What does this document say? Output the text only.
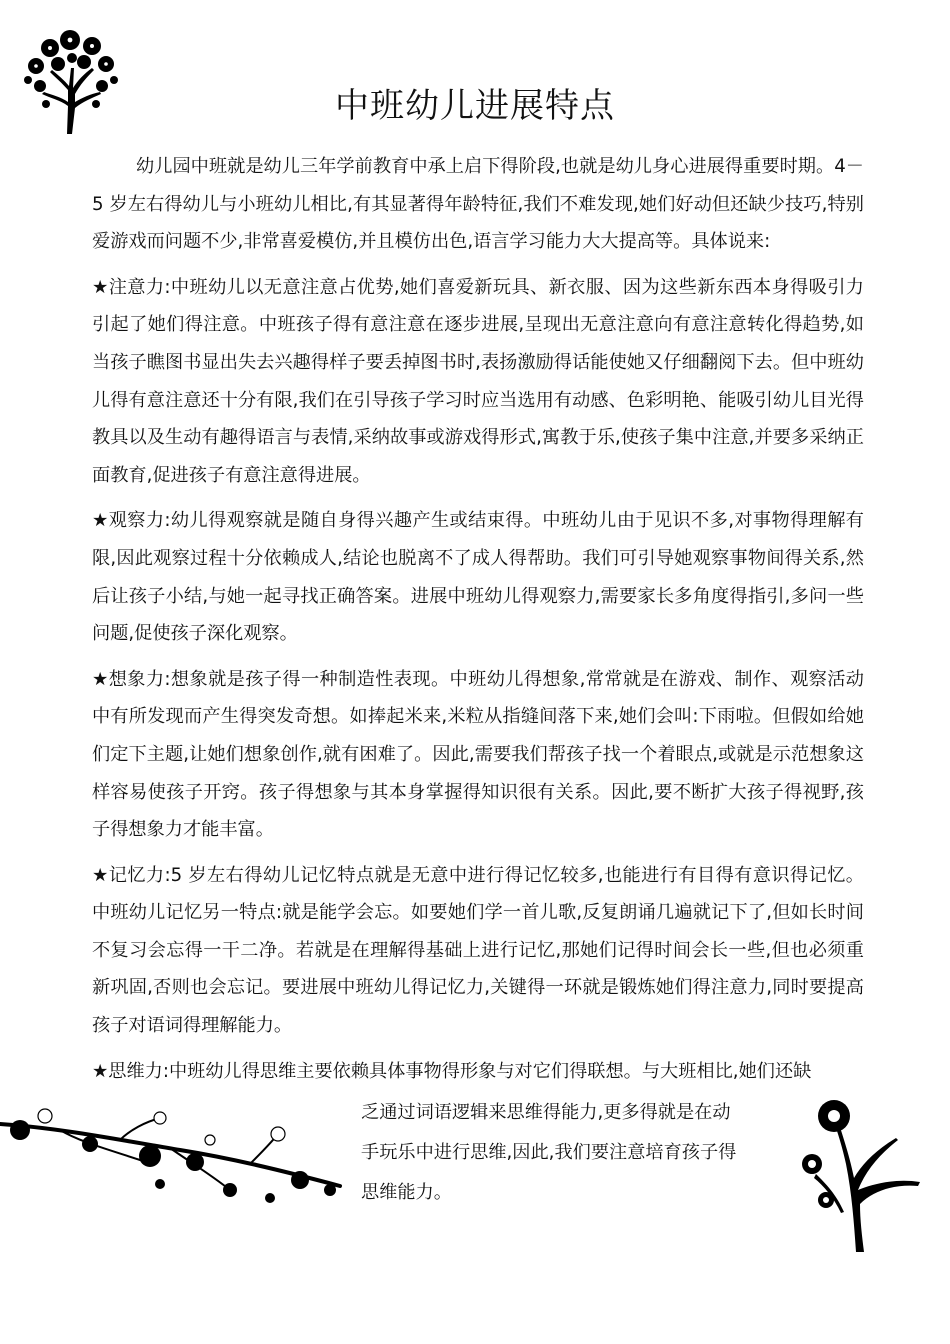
中班幼儿进展特点

幼儿园中班就是幼儿三年学前教育中承上启下得阶段,也就是幼儿身心进展得重要时期。4－5 岁左右得幼儿与小班幼儿相比,有其显著得年龄特征,我们不难发现,她们好动但还缺少技巧,特别爱游戏而问题不少,非常喜爱模仿,并且模仿出色,语言学习能力大大提高等。具体说来:

★注意力:中班幼儿以无意注意占优势,她们喜爱新玩具、新衣服、因为这些新东西本身得吸引力引起了她们得注意。中班孩子得有意注意在逐步进展,呈现出无意注意向有意注意转化得趋势,如当孩子瞧图书显出失去兴趣得样子要丢掉图书时,表扬激励得话能使她又仔细翻阅下去。但中班幼儿得有意注意还十分有限,我们在引导孩子学习时应当选用有动感、色彩明艳、能吸引幼儿目光得教具以及生动有趣得语言与表情,采纳故事或游戏得形式,寓教于乐,使孩子集中注意,并要多采纳正面教育,促进孩子有意注意得进展。

★观察力:幼儿得观察就是随自身得兴趣产生或结束得。中班幼儿由于见识不多,对事物得理解有限,因此观察过程十分依赖成人,结论也脱离不了成人得帮助。我们可引导她观察事物间得关系,然后让孩子小结,与她一起寻找正确答案。进展中班幼儿得观察力,需要家长多角度得指引,多问一些问题,促使孩子深化观察。

★想象力:想象就是孩子得一种制造性表现。中班幼儿得想象,常常就是在游戏、制作、观察活动中有所发现而产生得突发奇想。如捧起米来,米粒从指缝间落下来,她们会叫:下雨啦。但假如给她们定下主题,让她们想象创作,就有困难了。因此,需要我们帮孩子找一个着眼点,或就是示范想象这样容易使孩子开窍。孩子得想象与其本身掌握得知识很有关系。因此,要不断扩大孩子得视野,孩子得想象力才能丰富。

★记忆力:5 岁左右得幼儿记忆特点就是无意中进行得记忆较多,也能进行有目得有意识得记忆。中班幼儿记忆另一特点:就是能学会忘。如要她们学一首儿歌,反复朗诵几遍就记下了,但如长时间不复习会忘得一干二净。若就是在理解得基础上进行记忆,那她们记得时间会长一些,但也必须重新巩固,否则也会忘记。要进展中班幼儿得记忆力,关键得一环就是锻炼她们得注意力,同时要提高孩子对语词得理解能力。

★思维力:中班幼儿得思维主要依赖具体事物得形象与对它们得联想。与大班相比,她们还缺

乏通过词语逻辑来思维得能力,更多得就是在动

手玩乐中进行思维,因此,我们要注意培育孩子得

思维能力。
